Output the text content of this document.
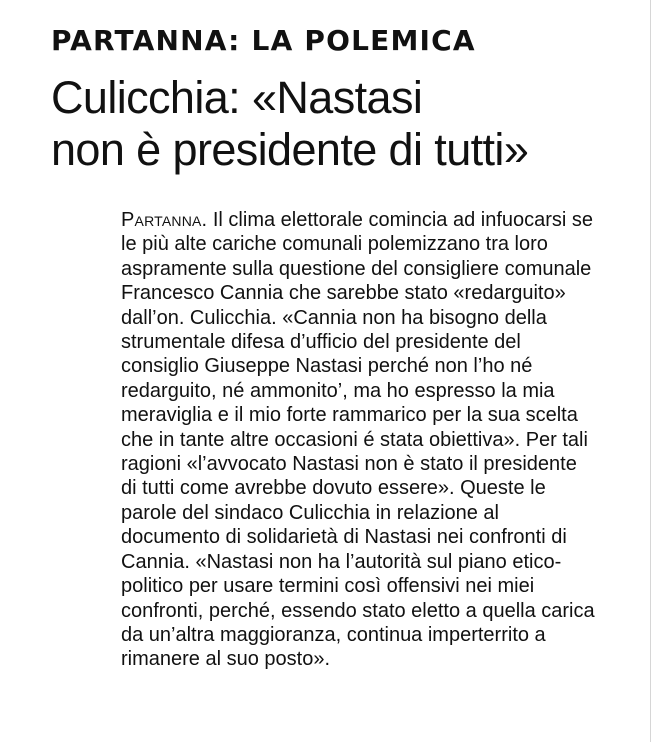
PARTANNA: LA POLEMICA
Culicchia: «Nastasi
non è presidente di tutti»
Partanna. Il clima elettorale comincia ad infuocarsi se
le più alte cariche comunali polemizzano tra loro
aspramente sulla questione del consigliere comunale
Francesco Cannia che sarebbe stato «redarguito»
dall’on. Culicchia. «Cannia non ha bisogno della
strumentale difesa d’ufficio del presidente del
consiglio Giuseppe Nastasi perché non l’ho né
redarguito, né ammonito’, ma ho espresso la mia
meraviglia e il mio forte rammarico per la sua scelta
che in tante altre occasioni é stata obiettiva». Per tali
ragioni «l’avvocato Nastasi non è stato il presidente
di tutti come avrebbe dovuto essere». Queste le
parole del sindaco Culicchia in relazione al
documento di solidarietà di Nastasi nei confronti di
Cannia. «Nastasi non ha l’autorità sul piano etico-
politico per usare termini così offensivi nei miei
confronti, perché, essendo stato eletto a quella carica
da un’altra maggioranza, continua imperterrito a
rimanere al suo posto».
